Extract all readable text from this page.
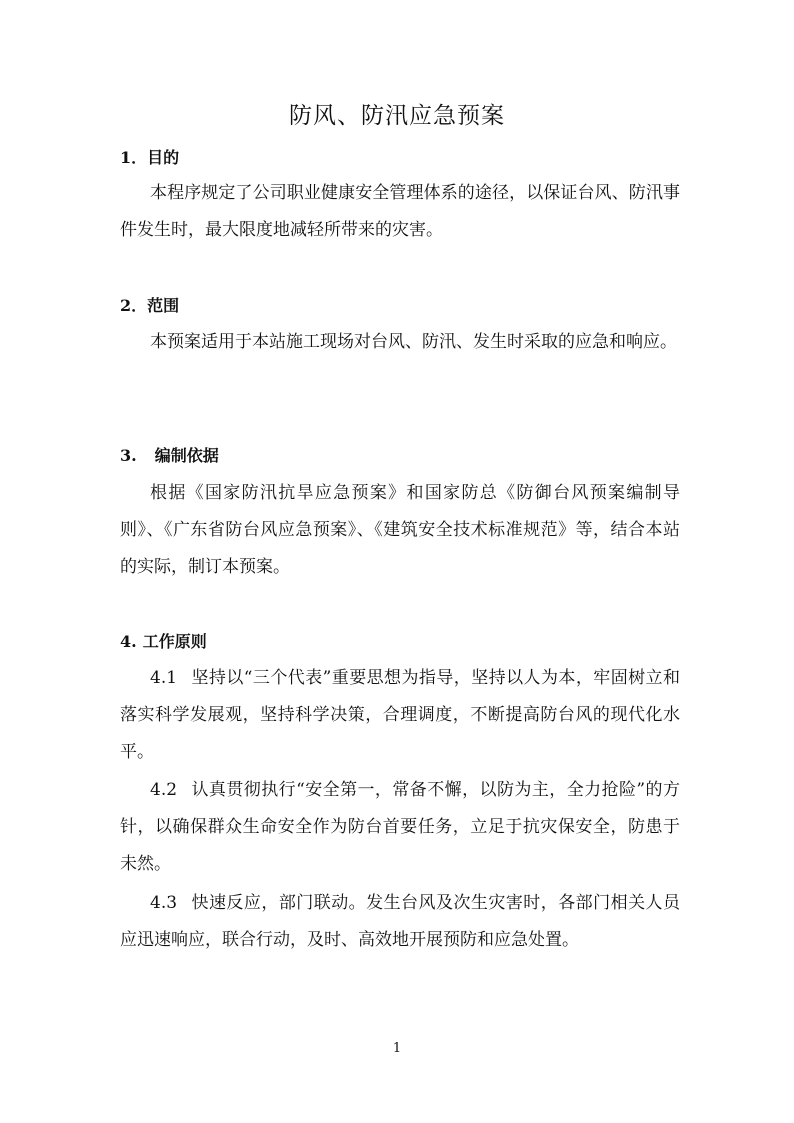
防风、防汛应急预案
1．目的

本程序规定了公司职业健康安全管理体系的途径，以保证台风、防汛事件发生时，最大限度地减轻所带来的灾害。

2．范围

本预案适用于本站施工现场对台风、防汛、发生时采取的应急和响应。

3. 编制依据

根据《国家防汛抗旱应急预案》和国家防总《防御台风预案编制导则》、《广东省防台风应急预案》、《建筑安全技术标准规范》等，结合本站的实际，制订本预案。

4. 工作原则

4.1 坚持以“三个代表”重要思想为指导，坚持以人为本，牢固树立和落实科学发展观，坚持科学决策，合理调度，不断提高防台风的现代化水平。

4.2 认真贯彻执行“安全第一，常备不懈，以防为主，全力抢险”的方针，以确保群众生命安全作为防台首要任务，立足于抗灾保安全，防患于未然。

4.3 快速反应，部门联动。发生台风及次生灾害时，各部门相关人员应迅速响应，联合行动，及时、高效地开展预防和应急处置。

1
